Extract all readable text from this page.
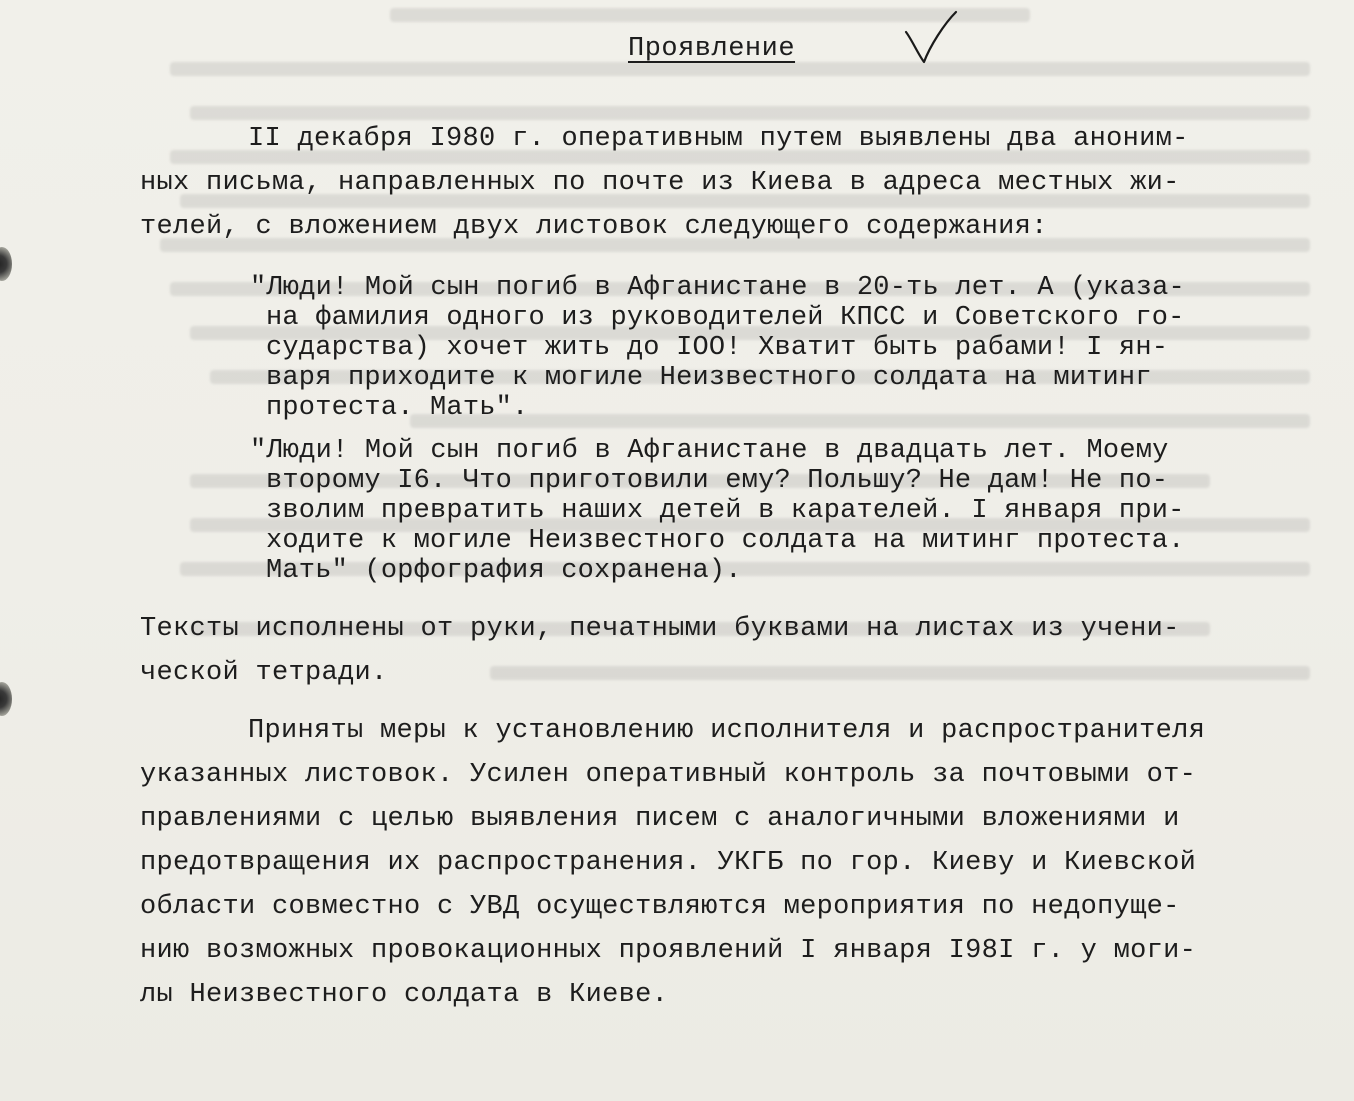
Проявление
II декабря I980 г. оперативным путем выявлены два аноним-
ных письма, направленных по почте из Киева в адреса местных жи-
телей, с вложением двух листовок следующего содержания:
"Люди! Мой сын погиб в Афганистане в 20-ть лет. А (указа-
на фамилия одного из руководителей КПСС и Советского го-
сударства) хочет жить до IOO! Хватит быть рабами! I ян-
варя приходите к могиле Неизвестного солдата на митинг
протеста. Мать".
"Люди! Мой сын погиб в Афганистане в двадцать лет. Моему
второму I6. Что приготовили ему? Польшу? Не дам! Не по-
зволим превратить наших детей в карателей. I января при-
ходите к могиле Неизвестного солдата на митинг протеста.
Мать" (орфография сохранена).
Тексты исполнены от руки, печатными буквами на листах из учени-
ческой тетради.
Приняты меры к установлению исполнителя и распространителя
указанных листовок. Усилен оперативный контроль за почтовыми от-
правлениями с целью выявления писем с аналогичными вложениями и
предотвращения их распространения. УКГБ по гор. Киеву и Киевской
области совместно с УВД осуществляются мероприятия по недопуще-
нию возможных провокационных проявлений I января I98I г. у моги-
лы Неизвестного солдата в Киеве.
